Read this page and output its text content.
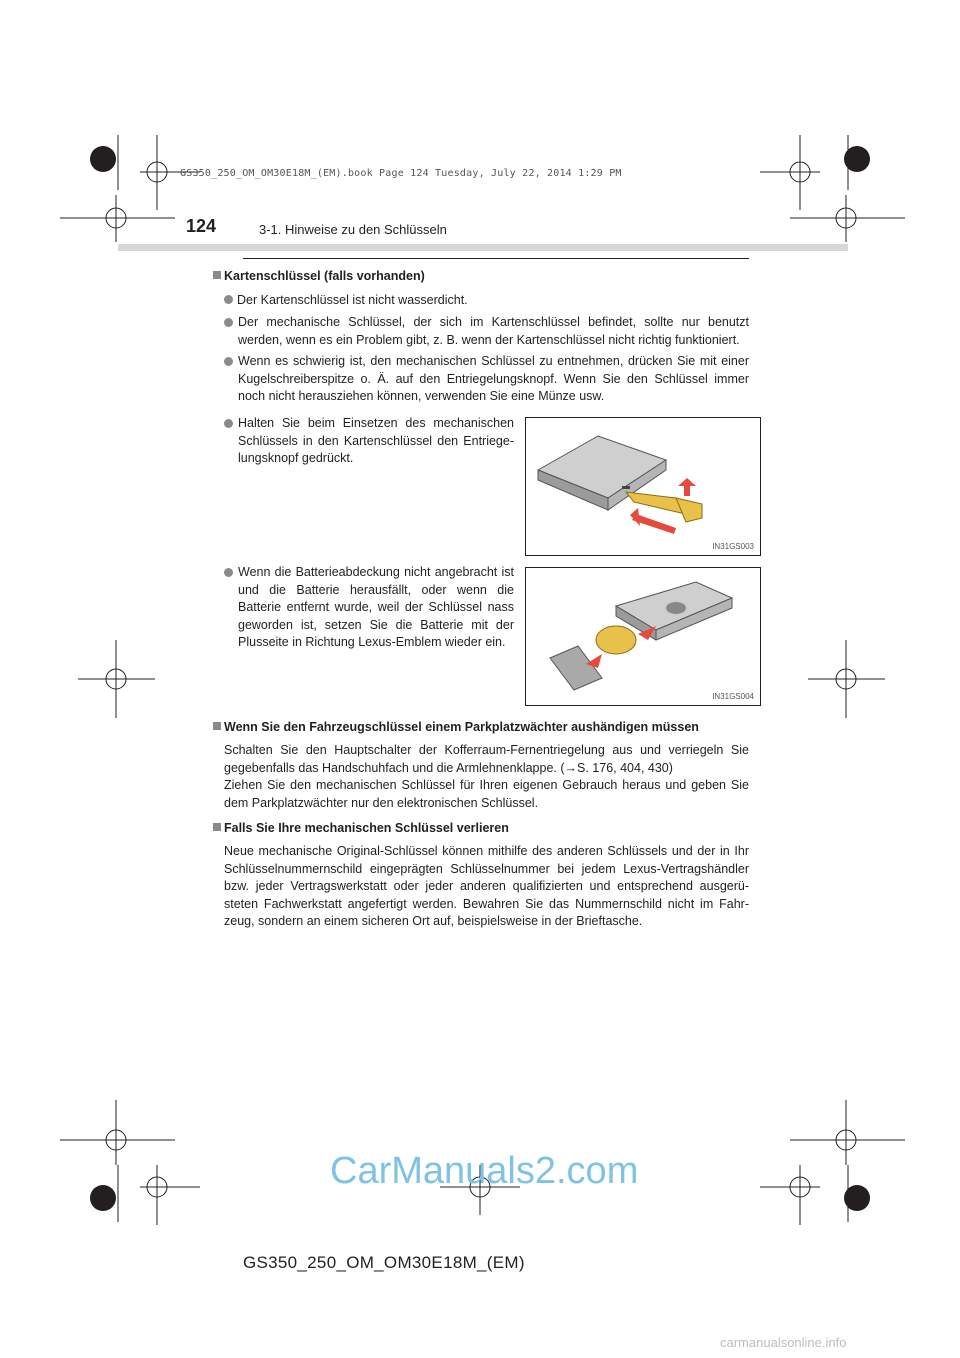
GS350_250_OM_OM30E18M_(EM).book Page 124 Tuesday, July 22, 2014 1:29 PM
124	3-1. Hinweise zu den Schlüsseln
Kartenschlüssel (falls vorhanden)
Der Kartenschlüssel ist nicht wasserdicht.
Der mechanische Schlüssel, der sich im Kartenschlüssel befindet, sollte nur benutzt werden, wenn es ein Problem gibt, z. B. wenn der Kartenschlüssel nicht richtig funktioniert.
Wenn es schwierig ist, den mechanischen Schlüssel zu entnehmen, drücken Sie mit einer Kugelschreiberspitze o. Ä. auf den Entriegelungsknopf. Wenn Sie den Schlüssel immer noch nicht herausziehen können, verwenden Sie eine Münze usw.
Halten Sie beim Einsetzen des mechanischen Schlüssels in den Kartenschlüssel den Entriege-lungsknopf gedrückt.
IN31GS003
Wenn die Batterieabdeckung nicht angebracht ist und die Batterie herausfällt, oder wenn die Batterie entfernt wurde, weil der Schlüssel nass geworden ist, setzen Sie die Batterie mit der Plusseite in Richtung Lexus-Emblem wieder ein.
IN31GS004
Wenn Sie den Fahrzeugschlüssel einem Parkplatzwächter aushändigen müssen
Schalten Sie den Hauptschalter der Kofferraum-Fernentriegelung aus und verriegeln Sie gegebenfalls das Handschuhfach und die Armlehnenklappe. (→S. 176, 404, 430)
Ziehen Sie den mechanischen Schlüssel für Ihren eigenen Gebrauch heraus und geben Sie dem Parkplatzwächter nur den elektronischen Schlüssel.
Falls Sie Ihre mechanischen Schlüssel verlieren
Neue mechanische Original-Schlüssel können mithilfe des anderen Schlüssels und der in Ihr Schlüsselnummernschild eingeprägten Schlüsselnummer bei jedem Lexus-Vertragshändler bzw. jeder Vertragswerkstatt oder jeder anderen qualifizierten und entsprechend ausgerü-steten Fachwerkstatt angefertigt werden. Bewahren Sie das Nummernschild nicht im Fahr-zeug, sondern an einem sicheren Ort auf, beispielsweise in der Brieftasche.
CarManuals2.com
GS350_250_OM_OM30E18M_(EM)
carmanualsonline.info
